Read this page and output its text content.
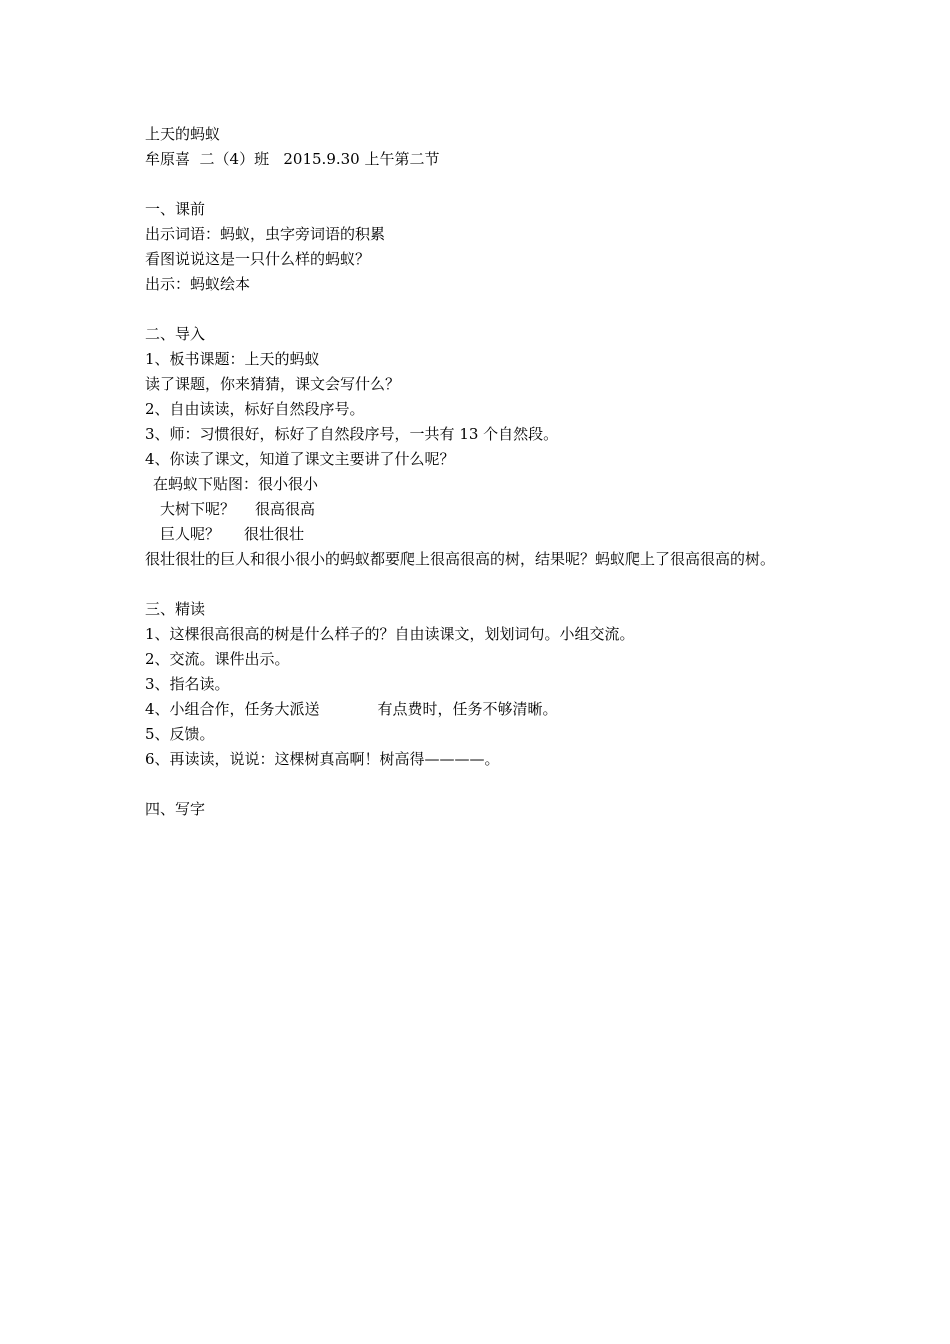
上天的蚂蚁
牟原喜  二（4）班   2015.9.30 上午第二节
一、课前
出示词语：蚂蚁，虫字旁词语的积累
看图说说这是一只什么样的蚂蚁？
出示：蚂蚁绘本
二、导入
1、板书课题：上天的蚂蚁
读了课题，你来猜猜，课文会写什么？
2、自由读读，标好自然段序号。
3、师：习惯很好，标好了自然段序号，一共有 13 个自然段。
4、你读了课文，知道了课文主要讲了什么呢？
在蚂蚁下贴图：很小很小
大树下呢？ 很高很高
巨人呢？ 很壮很壮
很壮很壮的巨人和很小很小的蚂蚁都要爬上很高很高的树，结果呢？蚂蚁爬上了很高很高的树。
三、精读
1、这棵很高很高的树是什么样子的？自由读课文，划划词句。小组交流。
2、交流。课件出示。
3、指名读。
4、小组合作，任务大派送	有点费时，任务不够清晰。
5、反馈。
6、再读读，说说：这棵树真高啊！树高得————。
四、写字
